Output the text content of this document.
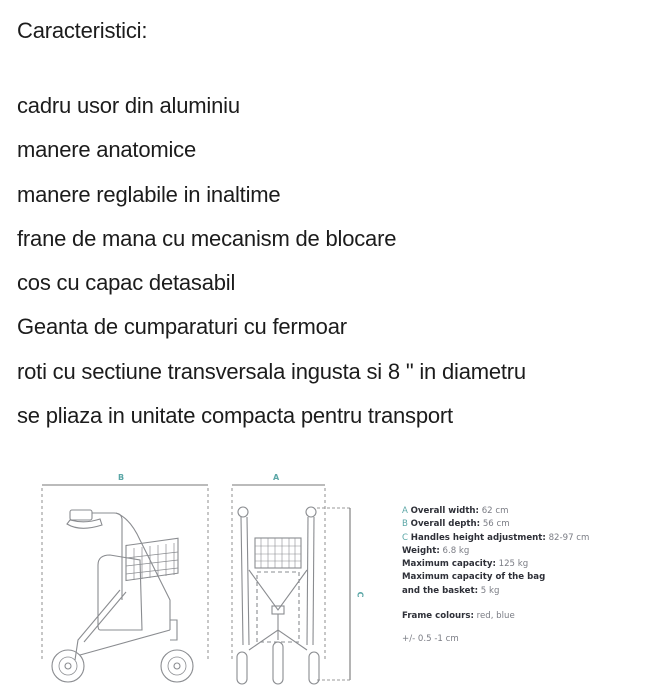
Caracteristici:
cadru usor din aluminiu
manere anatomice
manere reglabile in inaltime
frane de mana cu mecanism de blocare
cos cu capac detasabil
Geanta de cumparaturi cu fermoar
roti cu sectiune transversala ingusta si 8 " in diametru
se pliaza in unitate compacta pentru transport
B	A
C
A Overall width: 62 cm
B Overall depth: 56 cm
C Handles height adjustment: 82-97 cm
Weight: 6.8 kg
Maximum capacity: 125 kg
Maximum capacity of the bag
and the basket: 5 kg
Frame colours: red, blue
+/- 0.5 -1 cm
